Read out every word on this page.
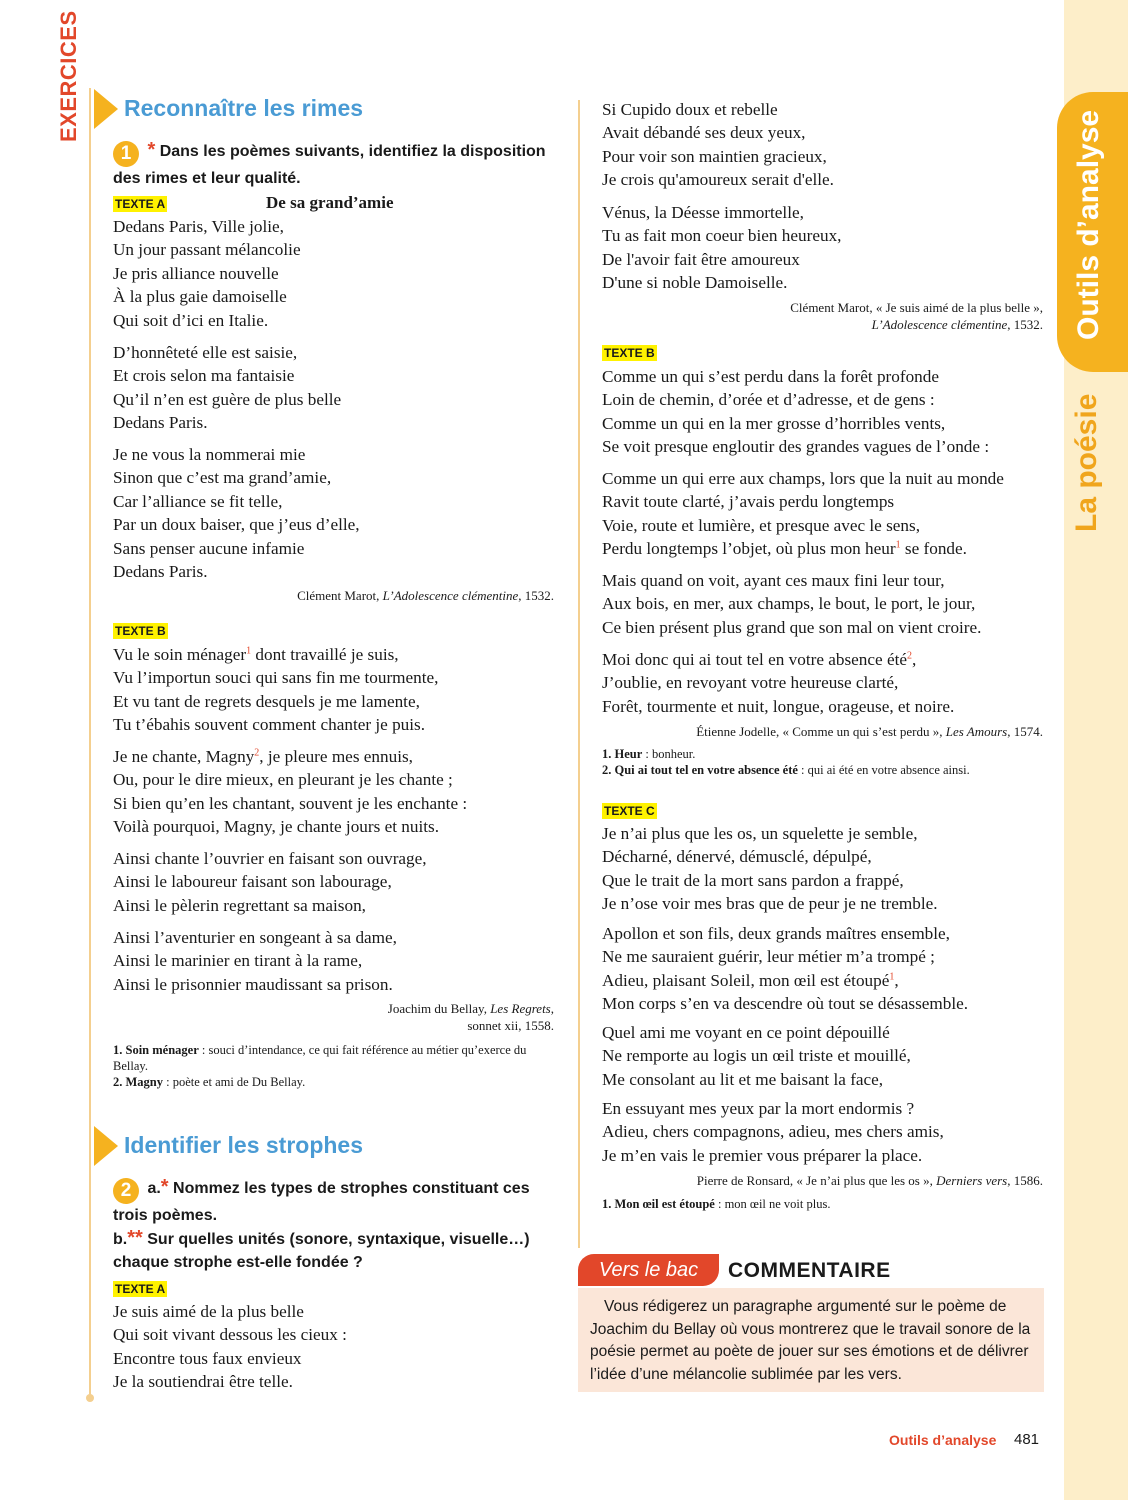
Outils d’analyse
La poésie
EXERCICES Reconnaître les rimes
1 * Dans les poèmes suivants, identifiez la disposition des rimes et leur qualité.
TEXTE A	De sa grand’amie
Dedans Paris, Ville jolie,
Un jour passant mélancolie
Je pris alliance nouvelle
À la plus gaie damoiselle
Qui soit d’ici en Italie.
D’honnêteté elle est saisie,
Et crois selon ma fantaisie
Qu’il n’en est guère de plus belle
Dedans Paris.
Je ne vous la nommerai mie
Sinon que c’est ma grand’amie,
Car l’alliance se fit telle,
Par un doux baiser, que j’eus d’elle,
Sans penser aucune infamie
Dedans Paris.
Clément Marot, L’Adolescence clémentine, 1532.
TEXTE B
Vu le soin ménager$^1$ dont travaillé je suis,
Vu l’importun souci qui sans fin me tourmente,
Et vu tant de regrets desquels je me lamente,
Tu t’ébahis souvent comment chanter je puis.
Je ne chante, Magny$^2$, je pleure mes ennuis,
Ou, pour le dire mieux, en pleurant je les chante ;
Si bien qu’en les chantant, souvent je les enchante :
Voilà pourquoi, Magny, je chante jours et nuits.
Ainsi chante l’ouvrier en faisant son ouvrage,
Ainsi le laboureur faisant son labourage,
Ainsi le pèlerin regrettant sa maison,
Ainsi l’aventurier en songeant à sa dame,
Ainsi le marinier en tirant à la rame,
Ainsi le prisonnier maudissant sa prison.
Joachim du Bellay, Les Regrets,
sonnet xii, 1558.
1. Soin ménager : souci d’intendance, ce qui fait référence au métier qu’exerce du Bellay.
2. Magny : poète et ami de Du Bellay.
Identifier les strophes
2 a.* Nommez les types de strophes constituant ces trois poèmes.
b.** Sur quelles unités (sonore, syntaxique, visuelle…) chaque strophe est-elle fondée ?
TEXTE A
Je suis aimé de la plus belle
Qui soit vivant dessous les cieux :
Encontre tous faux envieux
Je la soutiendrai être telle.
Si Cupido doux et rebelle
Avait débandé ses deux yeux,
Pour voir son maintien gracieux,
Je crois qu'amoureux serait d'elle.
Vénus, la Déesse immortelle,
Tu as fait mon coeur bien heureux,
De l'avoir fait être amoureux
D'une si noble Damoiselle.
Clément Marot, « Je suis aimé de la plus belle »,
L’Adolescence clémentine, 1532.
TEXTE B
Comme un qui s’est perdu dans la forêt profonde
Loin de chemin, d’orée et d’adresse, et de gens :
Comme un qui en la mer grosse d’horribles vents,
Se voit presque engloutir des grandes vagues de l’onde :
Comme un qui erre aux champs, lors que la nuit au monde
Ravit toute clarté, j’avais perdu longtemps
Voie, route et lumière, et presque avec le sens,
Perdu longtemps l’objet, où plus mon heur$^1$ se fonde.
Mais quand on voit, ayant ces maux fini leur tour,
Aux bois, en mer, aux champs, le bout, le port, le jour,
Ce bien présent plus grand que son mal on vient croire.
Moi donc qui ai tout tel en votre absence été$^2$,
J’oublie, en revoyant votre heureuse clarté,
Forêt, tourmente et nuit, longue, orageuse, et noire.
Étienne Jodelle, « Comme un qui s’est perdu », Les Amours, 1574.
1. Heur : bonheur.
2. Qui ai tout tel en votre absence été : qui ai été en votre absence ainsi.
TEXTE C
Je n’ai plus que les os, un squelette je semble,
Décharné, dénervé, démusclé, dépulpé,
Que le trait de la mort sans pardon a frappé,
Je n’ose voir mes bras que de peur je ne tremble.
Apollon et son fils, deux grands maîtres ensemble,
Ne me sauraient guérir, leur métier m’a trompé ;
Adieu, plaisant Soleil, mon œil est étoupé$^1$,
Mon corps s’en va descendre où tout se désassemble.
Quel ami me voyant en ce point dépouillé
Ne remporte au logis un œil triste et mouillé,
Me consolant au lit et me baisant la face,
En essuyant mes yeux par la mort endormis ?
Adieu, chers compagnons, adieu, mes chers amis,
Je m’en vais le premier vous préparer la place.
Pierre de Ronsard, « Je n’ai plus que les os », Derniers vers, 1586.
1. Mon œil est étoupé : mon œil ne voit plus.
Vers le bac	COMMENTAIRE
Vous rédigerez un paragraphe argumenté sur le poème de Joachim du Bellay où vous montrerez que le travail sonore de la poésie permet au poète de jouer sur ses émotions et de délivrer l’idée d’une mélancolie sublimée par les vers.
Outils d’analyse 481
